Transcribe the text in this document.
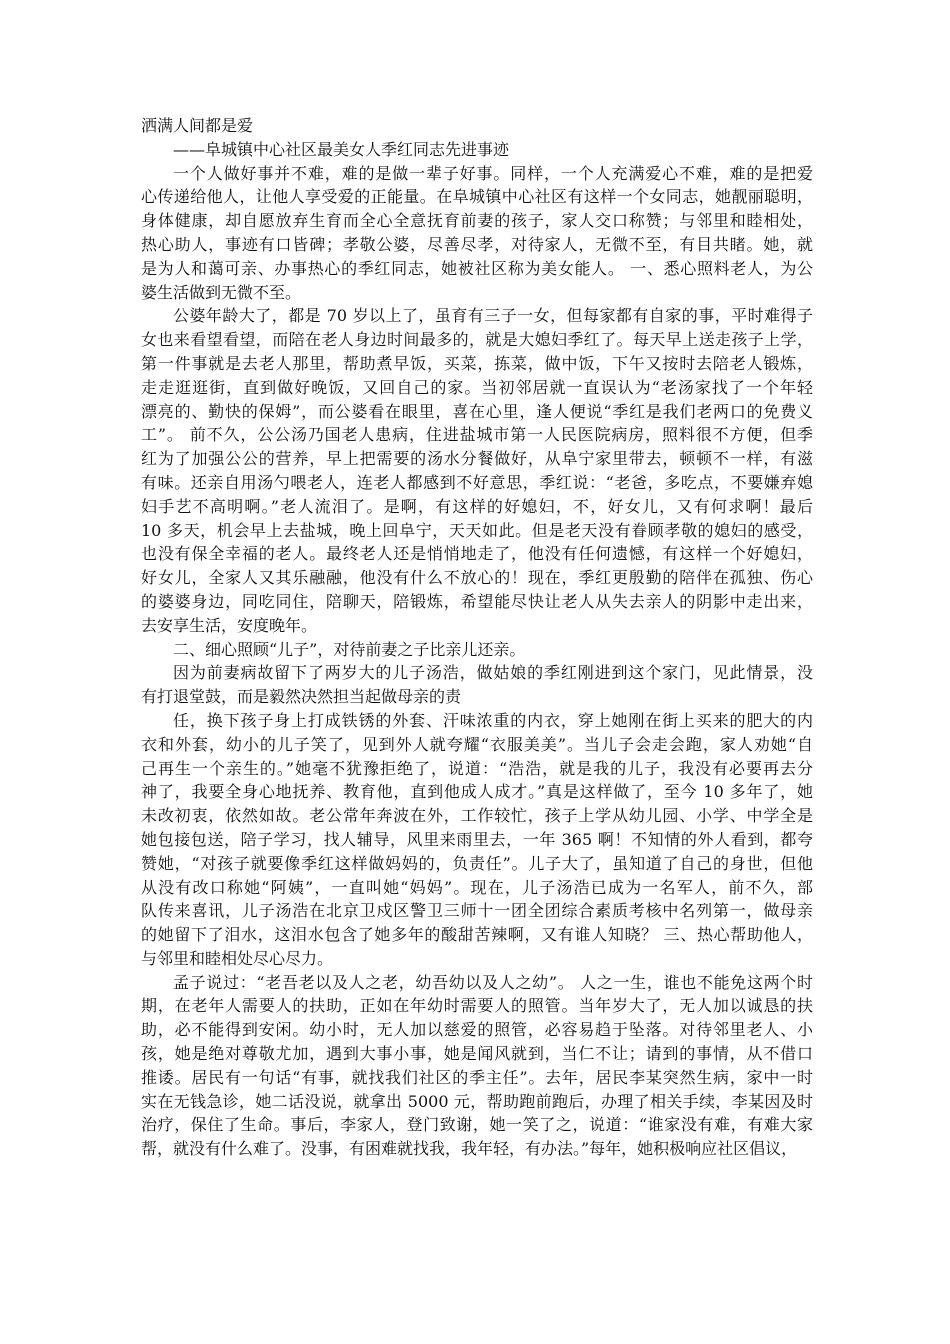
洒满人间都是爱
——阜城镇中心社区最美女人季红同志先进事迹
一个人做好事并不难，难的是做一辈子好事。同样，一个人充满爱心不难，难的是把爱
心传递给他人，让他人享受爱的正能量。在阜城镇中心社区有这样一个女同志，她靓丽聪明，
身体健康，却自愿放弃生育而全心全意抚育前妻的孩子，家人交口称赞；与邻里和睦相处，
热心助人，事迹有口皆碑；孝敬公婆，尽善尽孝，对待家人，无微不至，有目共睹。她，就
是为人和蔼可亲、办事热心的季红同志，她被社区称为美女能人。 一、悉心照料老人，为公
婆生活做到无微不至。
公婆年龄大了，都是 70 岁以上了，虽育有三子一女，但每家都有自家的事，平时难得子
女也来看望看望，而陪在老人身边时间最多的，就是大媳妇季红了。每天早上送走孩子上学，
第一件事就是去老人那里，帮助煮早饭，买菜，拣菜，做中饭，下午又按时去陪老人锻炼，
走走逛逛街，直到做好晚饭，又回自己的家。当初邻居就一直误认为“老汤家找了一个年轻
漂亮的、勤快的保姆”，而公婆看在眼里，喜在心里，逢人便说“季红是我们老两口的免费义
工”。 前不久，公公汤乃国老人患病，住进盐城市第一人民医院病房，照料很不方便，但季
红为了加强公公的营养，早上把需要的汤水分餐做好，从阜宁家里带去，顿顿不一样，有滋
有味。还亲自用汤勺喂老人，连老人都感到不好意思，季红说：“老爸，多吃点，不要嫌弃媳
妇手艺不高明啊。”老人流泪了。是啊，有这样的好媳妇，不，好女儿，又有何求啊！最后
10 多天，机会早上去盐城，晚上回阜宁，天天如此。但是老天没有眷顾孝敬的媳妇的感受，
也没有保全幸福的老人。最终老人还是悄悄地走了，他没有任何遗憾，有这样一个好媳妇，
好女儿，全家人又其乐融融，他没有什么不放心的！现在，季红更殷勤的陪伴在孤独、伤心
的婆婆身边，同吃同住，陪聊天，陪锻炼，希望能尽快让老人从失去亲人的阴影中走出来，
去安享生活，安度晚年。
二、细心照顾“儿子”，对待前妻之子比亲儿还亲。
因为前妻病故留下了两岁大的儿子汤浩，做姑娘的季红刚进到这个家门，见此情景，没
有打退堂鼓，而是毅然决然担当起做母亲的责
任，换下孩子身上打成铁锈的外套、汗味浓重的内衣，穿上她刚在街上买来的肥大的内
衣和外套，幼小的儿子笑了，见到外人就夸耀“衣服美美”。当儿子会走会跑，家人劝她“自
己再生一个亲生的。”她毫不犹豫拒绝了，说道：“浩浩，就是我的儿子，我没有必要再去分
神了，我要全身心地抚养、教育他，直到他成人成才。”真是这样做了，至今 10 多年了，她
未改初衷，依然如故。老公常年奔波在外，工作较忙，孩子上学从幼儿园、小学、中学全是
她包接包送，陪子学习，找人辅导，风里来雨里去，一年 365 啊！不知情的外人看到，都夸
赞她，“对孩子就要像季红这样做妈妈的，负责任”。儿子大了，虽知道了自己的身世，但他
从没有改口称她“阿姨”，一直叫她“妈妈”。现在，儿子汤浩已成为一名军人，前不久，部
队传来喜讯，儿子汤浩在北京卫戍区警卫三师十一团全团综合素质考核中名列第一，做母亲
的她留下了泪水，这泪水包含了她多年的酸甜苦辣啊，又有谁人知晓？ 三、热心帮助他人，
与邻里和睦相处尽心尽力。
孟子说过：“老吾老以及人之老，幼吾幼以及人之幼”。 人之一生，谁也不能免这两个时
期，在老年人需要人的扶助，正如在年幼时需要人的照管。当年岁大了，无人加以诚恳的扶
助，必不能得到安闲。幼小时，无人加以慈爱的照管，必容易趋于坠落。对待邻里老人、小
孩，她是绝对尊敬尤加，遇到大事小事，她是闻风就到，当仁不让；请到的事情，从不借口
推诿。居民有一句话“有事，就找我们社区的季主任”。去年，居民李某突然生病，家中一时
实在无钱急诊，她二话没说，就拿出 5000 元，帮助跑前跑后，办理了相关手续，李某因及时
治疗，保住了生命。事后，李家人，登门致谢，她一笑了之，说道：“谁家没有难，有难大家
帮，就没有什么难了。没事，有困难就找我，我年轻，有办法。”每年，她积极响应社区倡议，
